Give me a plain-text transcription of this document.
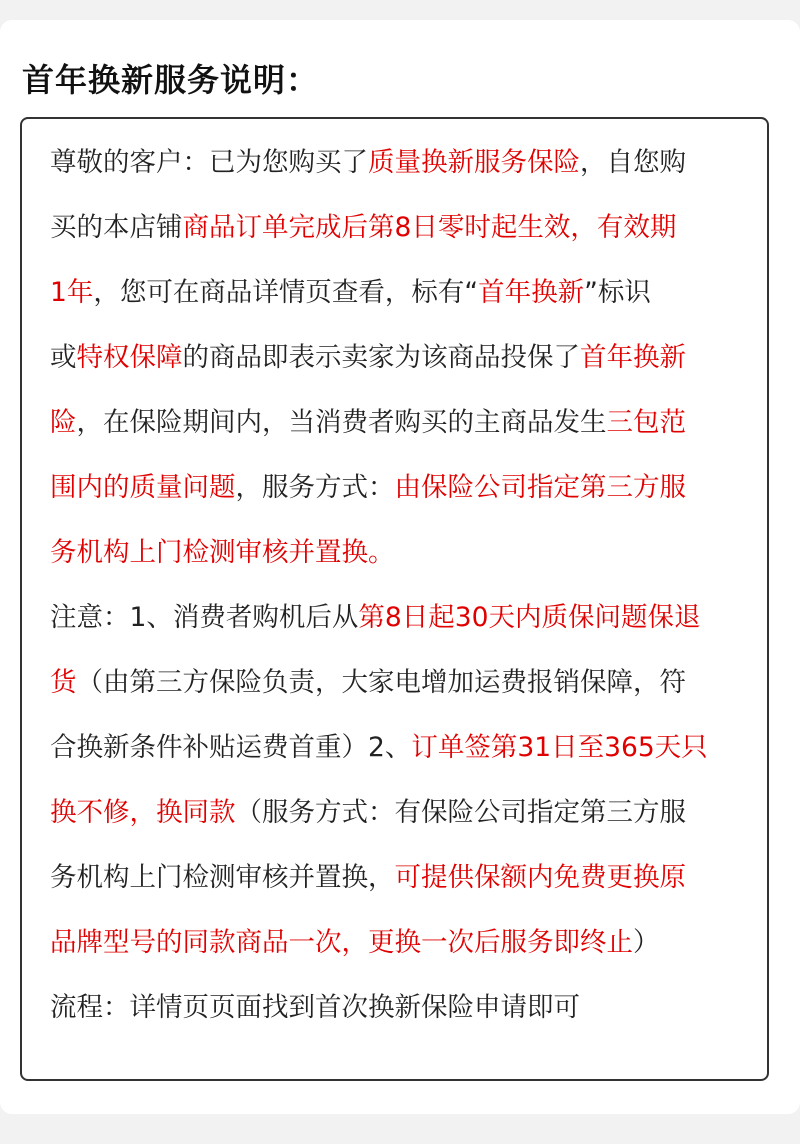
首年换新服务说明：

尊敬的客户：已为您购买了质量换新服务保险，自您购

买的本店铺商品订单完成后第8日零时起生效，有效期

1年，您可在商品详情页查看，标有“首年换新”标识

或特权保障的商品即表示卖家为该商品投保了首年换新

险，在保险期间内，当消费者购买的主商品发生三包范

围内的质量问题，服务方式：由保险公司指定第三方服

务机构上门检测审核并置换。

注意：1、消费者购机后从第8日起30天内质保问题保退

货（由第三方保险负责，大家电增加运费报销保障，符

合换新条件补贴运费首重）2、订单签第31日至365天只

换不修，换同款（服务方式：有保险公司指定第三方服

务机构上门检测审核并置换，可提供保额内免费更换原

品牌型号的同款商品一次，更换一次后服务即终止）

流程：详情页页面找到首次换新保险申请即可
